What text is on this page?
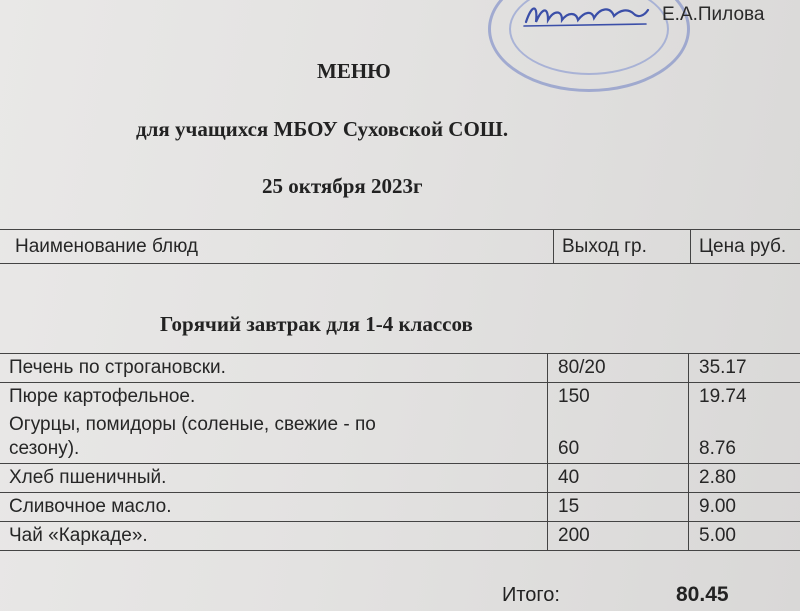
Е.А.Пилова
МЕНЮ
для учащихся МБОУ Суховской СОШ.
25 октября 2023г
Наименование блюд	Выход гр.	Цена руб.
Горячий завтрак для 1-4 классов
Печень по строгановски.	80/20	35.17
Пюре картофельное.	150	19.74

Огурцы, помидоры (соленые, свежие - по
сезону).	60	8.76
Хлеб пшеничный.	40	2.80
Сливочное масло.	15	9.00
Чай «Каркаде».	200	5.00
Итого:	80.45
